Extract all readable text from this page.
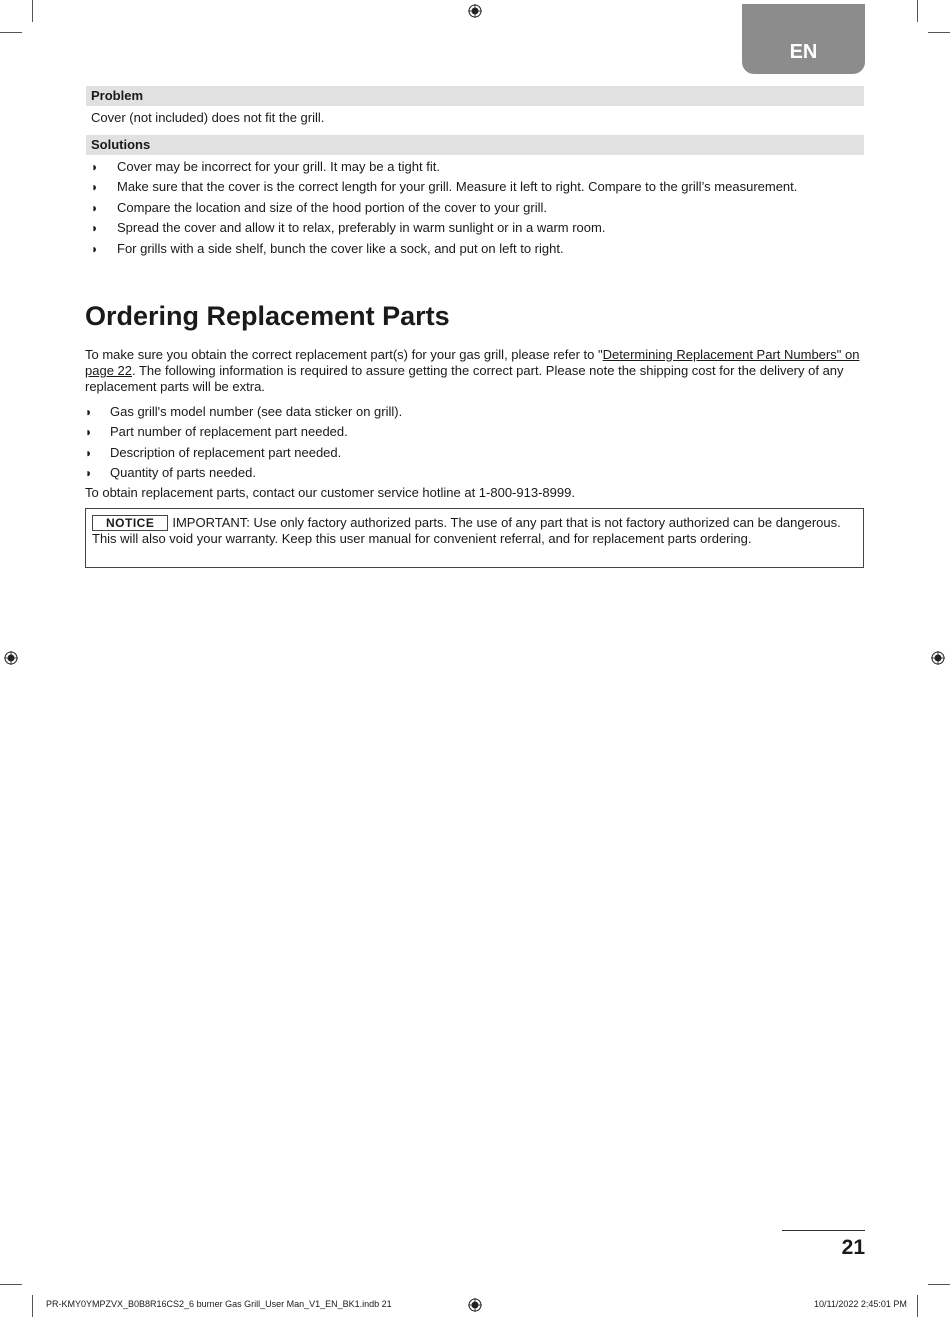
EN
Problem
Cover (not included) does not fit the grill.
Solutions
◗ Cover may be incorrect for your grill. It may be a tight fit.
◗ Make sure that the cover is the correct length for your grill. Measure it left to right. Compare to the grill’s measurement.
◗ Compare the location and size of the hood portion of the cover to your grill.
◗ Spread the cover and allow it to relax, preferably in warm sunlight or in a warm room.
◗ For grills with a side shelf, bunch the cover like a sock, and put on left to right.
Ordering Replacement Parts

To make sure you obtain the correct replacement part(s) for your gas grill, please refer to "Determining Replacement Part Numbers" on page 22. The following information is required to assure getting the correct part. Please note the shipping cost for the delivery of any replacement parts will be extra.

◗ Gas grill's model number (see data sticker on grill).
◗ Part number of replacement part needed.
◗ Description of replacement part needed.
◗ Quantity of parts needed.
To obtain replacement parts, contact our customer service hotline at 1-800-913-8999.
NOTICE IMPORTANT: Use only factory authorized parts. The use of any part that is not factory authorized can be dangerous. This will also void your warranty. Keep this user manual for convenient referral, and for replacement parts ordering.
21
PR-KMY0YMPZVX_B0B8R16CS2_6 burner Gas Grill_User Man_V1_EN_BK1.indb 21	10/11/2022 2:45:01 PM
